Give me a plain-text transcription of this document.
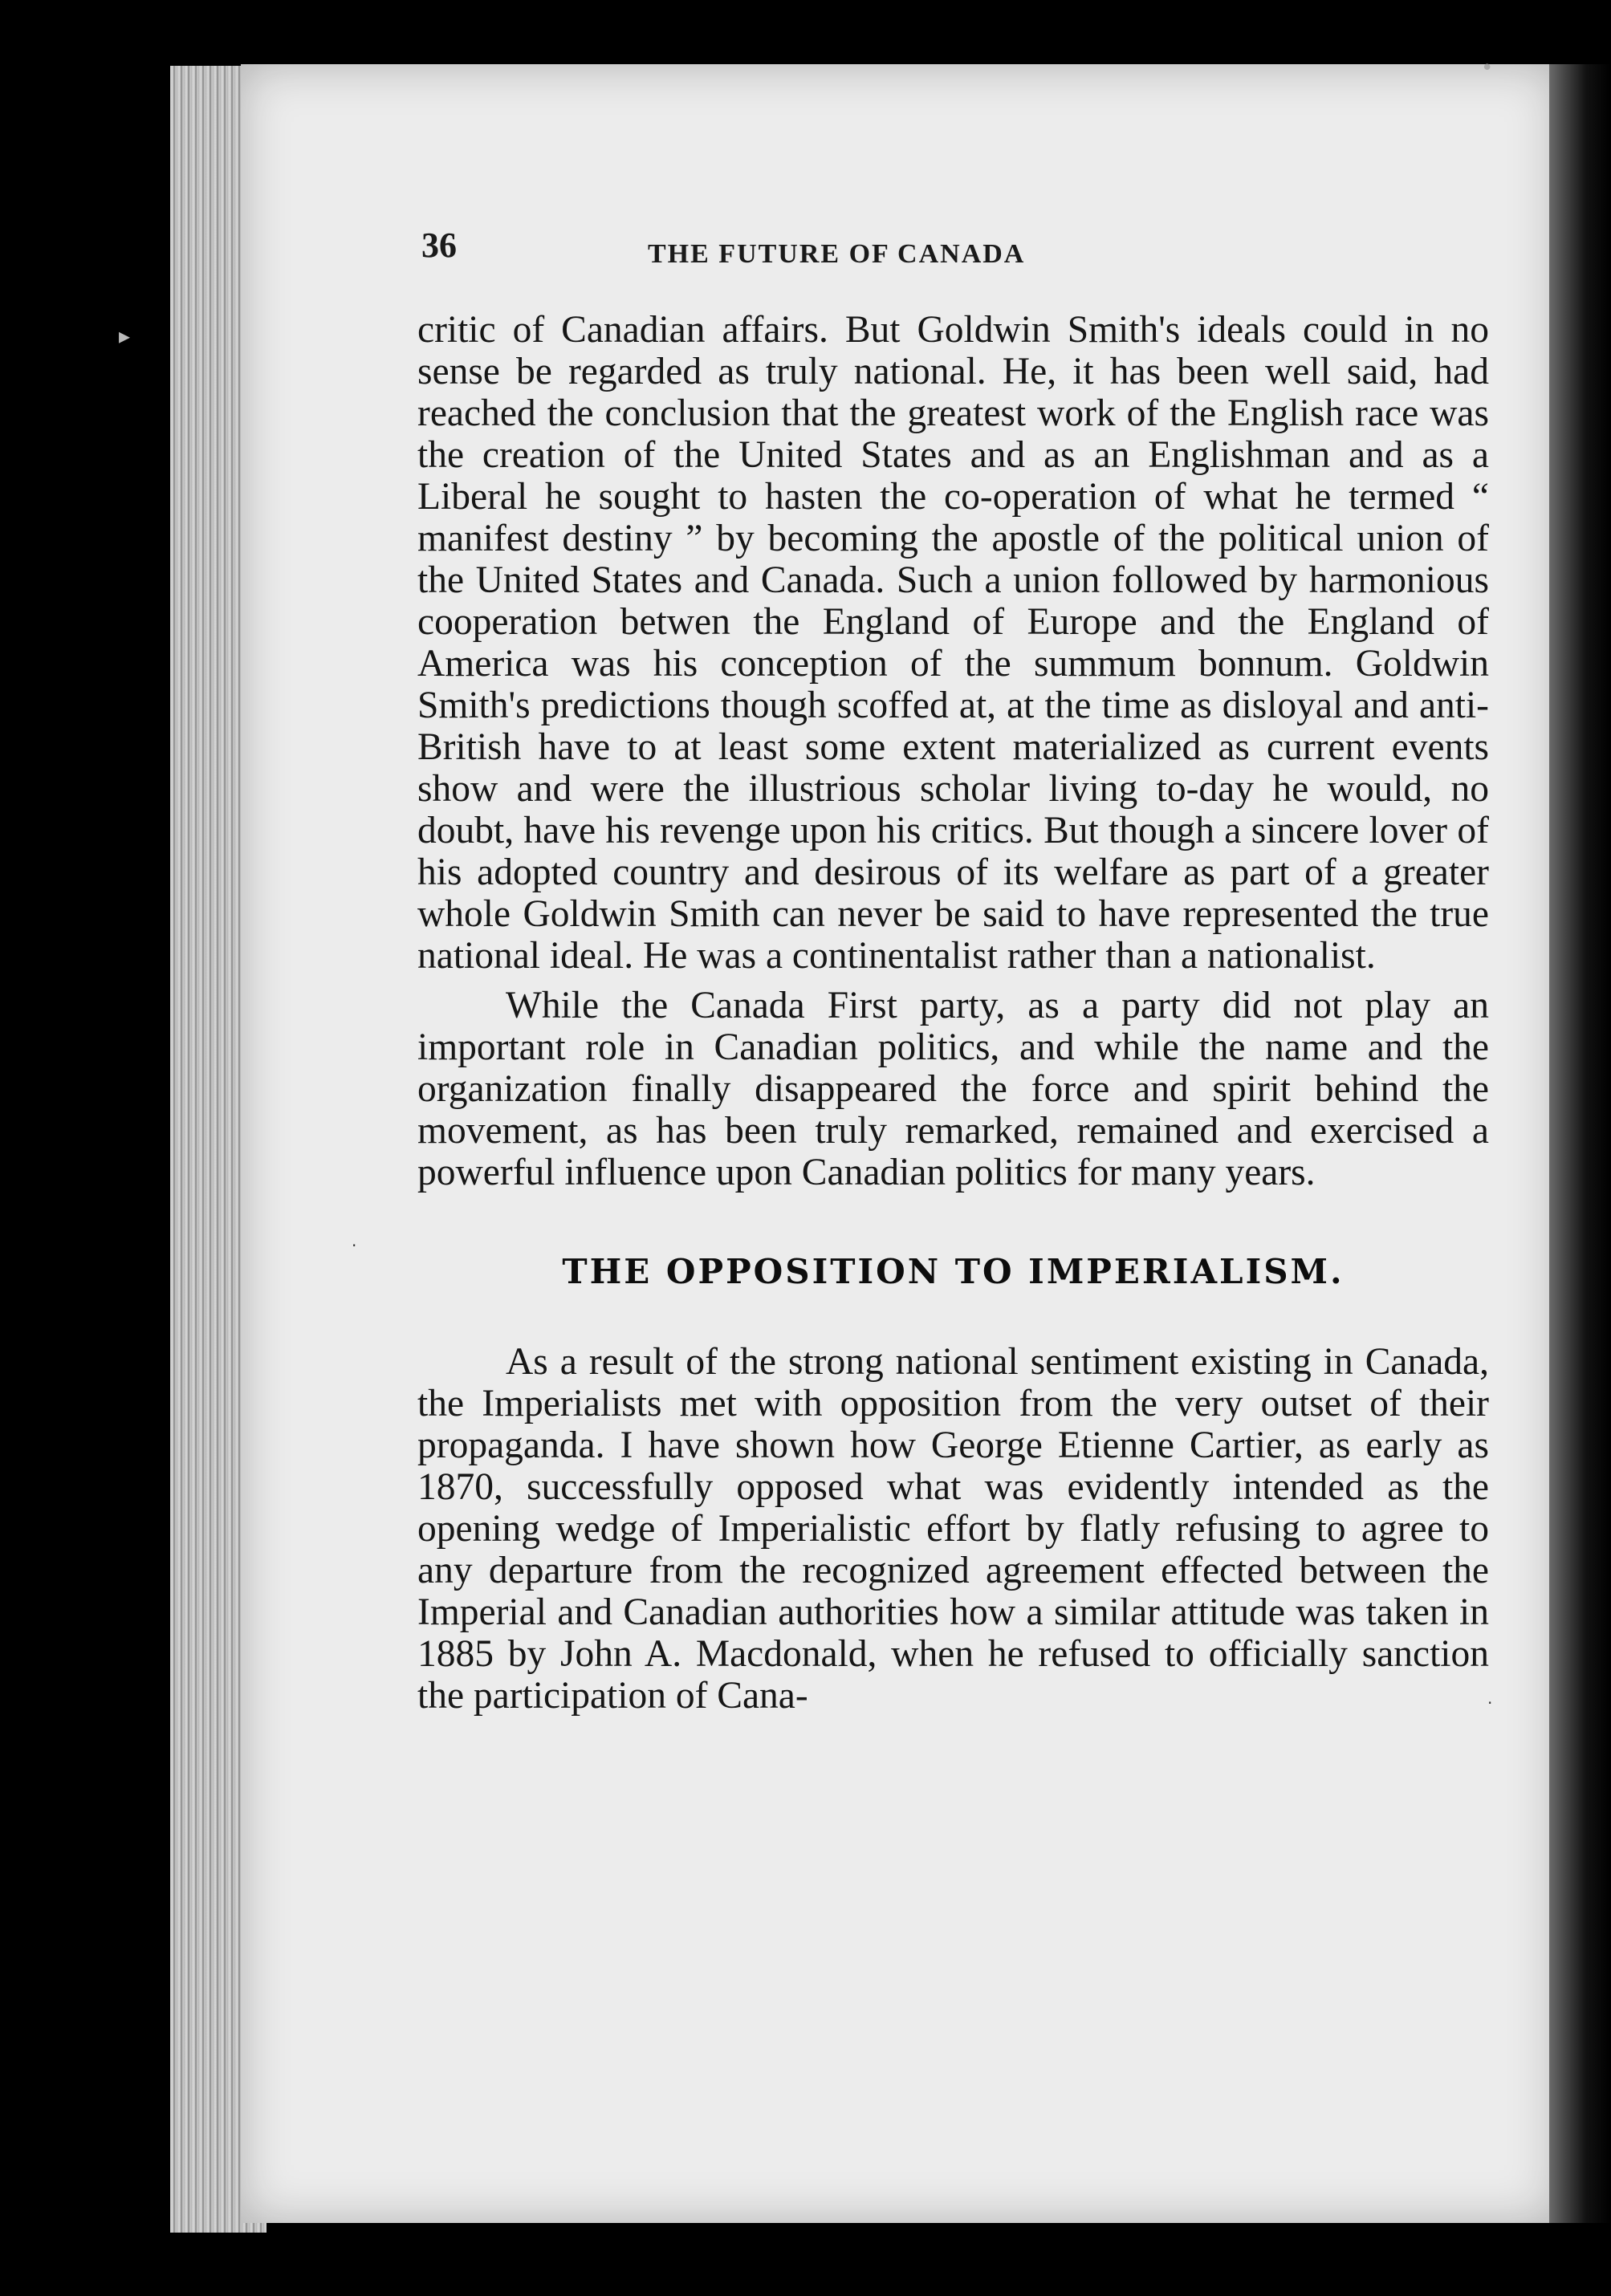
36	THE FUTURE OF CANADA

critic of Canadian affairs. But Goldwin Smith's ideals could in no sense be regarded as truly national. He, it has been well said, had reached the conclusion that the greatest work of the English race was the creation of the United States and as an Englishman and as a Liberal he sought to hasten the co-operation of what he termed “ manifest destiny ” by becoming the apostle of the political union of the United States and Canada. Such a union followed by harmonious cooperation betwen the England of Europe and the England of America was his conception of the summum bonnum. Goldwin Smith's predictions though scoffed at, at the time as disloyal and anti-British have to at least some extent materialized as current events show and were the illustrious scholar living to-day he would, no doubt, have his revenge upon his critics. But though a sincere lover of his adopted country and desirous of its welfare as part of a greater whole Goldwin Smith can never be said to have represented the true national ideal. He was a continentalist rather than a nationalist.

While the Canada First party, as a party did not play an important role in Canadian politics, and while the name and the organization finally disappeared the force and spirit behind the movement, as has been truly remarked, remained and exercised a powerful influence upon Canadian politics for many years.

THE OPPOSITION TO IMPERIALISM.

As a result of the strong national sentiment existing in Canada, the Imperialists met with opposition from the very outset of their propaganda. I have shown how George Etienne Cartier, as early as 1870, successfully opposed what was evidently intended as the opening wedge of Imperialistic effort by flatly refusing to agree to any departure from the recognized agreement effected between the Imperial and Canadian authorities how a similar attitude was taken in 1885 by John A. Macdonald, when he refused to officially sanction the participation of Cana-

▸
•
·
·
